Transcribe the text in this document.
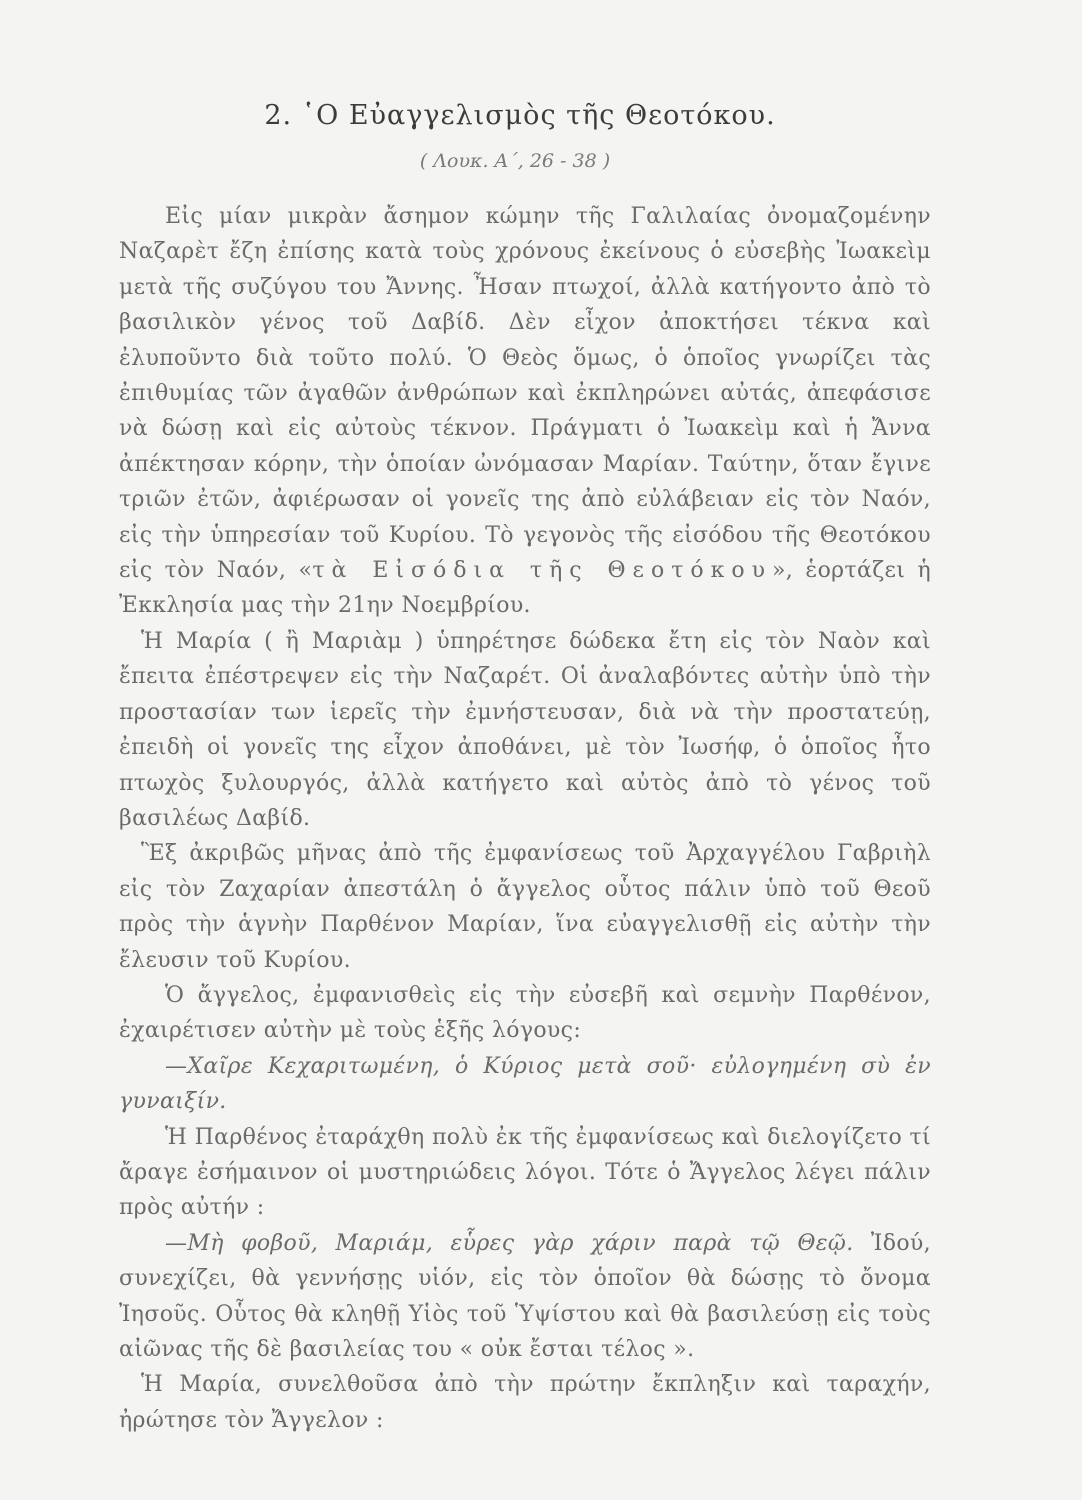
2. ῾Ο Εὐαγγελισμὸς τῆς Θεοτόκου.
( Λουκ. Α΄, 26 - 38 )

Εἰς μίαν μικρὰν ἄσημον κώμην τῆς Γαλιλαίας ὀνομαζομένην Ναζαρὲτ ἔζη ἐπίσης κατὰ τοὺς χρόνους ἐκείνους ὁ εὐσεβὴς Ἰωακεὶμ μετὰ τῆς συζύγου του Ἄννης. Ἦσαν πτωχοί, ἀλλὰ κατήγοντο ἀπὸ τὸ βασιλικὸν γένος τοῦ Δαβίδ. Δὲν εἶχον ἀποκτήσει τέκνα καὶ ἐλυποῦντο διὰ τοῦτο πολύ. Ὁ Θεὸς ὅμως, ὁ ὁποῖος γνωρίζει τὰς ἐπιθυμίας τῶν ἀγαθῶν ἀνθρώπων καὶ ἐκπληρώνει αὐτάς, ἀπεφάσισε νὰ δώσῃ καὶ εἰς αὐτοὺς τέκνον. Πράγματι ὁ Ἰωακεὶμ καὶ ἡ Ἄννα ἀπέκτησαν κόρην, τὴν ὁποίαν ὠνόμασαν Μαρίαν. Ταύτην, ὅταν ἔγινε τριῶν ἐτῶν, ἀφιέρωσαν οἱ γονεῖς της ἀπὸ εὐλάβειαν εἰς τὸν Ναόν, εἰς τὴν ὑπηρεσίαν τοῦ Κυρίου. Τὸ γεγονὸς τῆς εἰσόδου τῆς Θεοτόκου εἰς τὸν Ναόν, «τὰ Εἰσόδια τῆς Θεοτόκου», ἑορτάζει ἡ Ἐκκλησία μας τὴν 21ην Νοεμβρίου.

Ἡ Μαρία ( ἢ Μαριὰμ ) ὑπηρέτησε δώδεκα ἔτη εἰς τὸν Ναὸν καὶ ἔπειτα ἐπέστρεψεν εἰς τὴν Ναζαρέτ. Οἱ ἀναλαβόντες αὐτὴν ὑπὸ τὴν προστασίαν των ἱερεῖς τὴν ἐμνήστευσαν, διὰ νὰ τὴν προστατεύῃ, ἐπειδὴ οἱ γονεῖς της εἶχον ἀποθάνει, μὲ τὸν Ἰωσήφ, ὁ ὁποῖος ἦτο πτωχὸς ξυλουργός, ἀλλὰ κατήγετο καὶ αὐτὸς ἀπὸ τὸ γένος τοῦ βασιλέως Δαβίδ.

Ἓξ ἀκριβῶς μῆνας ἀπὸ τῆς ἐμφανίσεως τοῦ Ἀρχαγγέλου Γαβριὴλ εἰς τὸν Ζαχαρίαν ἀπεστάλη ὁ ἄγγελος οὗτος πάλιν ὑπὸ τοῦ Θεοῦ πρὸς τὴν ἁγνὴν Παρθένον Μαρίαν, ἵνα εὐαγγελισθῇ εἰς αὐτὴν τὴν ἔλευσιν τοῦ Κυρίου.

Ὁ ἄγγελος, ἐμφανισθεὶς εἰς τὴν εὐσεβῆ καὶ σεμνὴν Παρθένον, ἐχαιρέτισεν αὐτὴν μὲ τοὺς ἑξῆς λόγους:

—Χαῖρε Κεχαριτωμένη, ὁ Κύριος μετὰ σοῦ· εὐλογημένη σὺ ἐν γυναιξίν.

Ἡ Παρθένος ἐταράχθη πολὺ ἐκ τῆς ἐμφανίσεως καὶ διελογίζετο τί ἄραγε ἐσήμαινον οἱ μυστηριώδεις λόγοι. Τότε ὁ Ἄγγελος λέγει πάλιν πρὸς αὐτήν :

—Μὴ φοβοῦ, Μαριάμ, εὗρες γὰρ χάριν παρὰ τῷ Θεῷ. Ἰδού, συνεχίζει, θὰ γεννήσῃς υἱόν, εἰς τὸν ὁποῖον θὰ δώσῃς τὸ ὄνομα Ἰησοῦς. Οὗτος θὰ κληθῇ Υἱὸς τοῦ Ὑψίστου καὶ θὰ βασιλεύσῃ εἰς τοὺς αἰῶνας τῆς δὲ βασιλείας του « οὐκ ἔσται τέλος ».

Ἡ Μαρία, συνελθοῦσα ἀπὸ τὴν πρώτην ἔκπληξιν καὶ ταραχήν, ἠρώτησε τὸν Ἄγγελον :
